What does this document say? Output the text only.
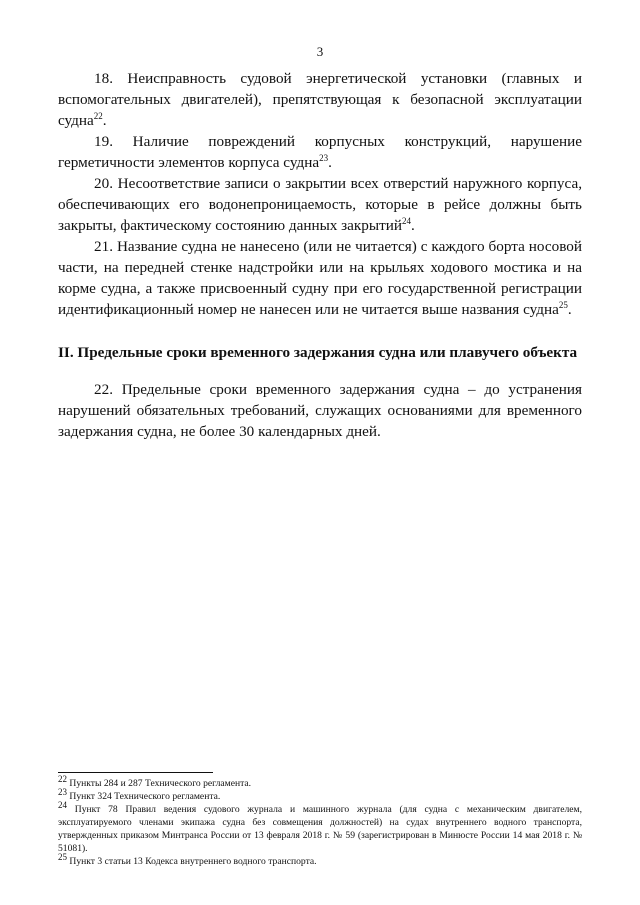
3

18. Неисправность судовой энергетической установки (главных и вспомогательных двигателей), препятствующая к безопасной эксплуатации судна$^{22}$.

19. Наличие повреждений корпусных конструкций, нарушение герметичности элементов корпуса судна$^{23}$.

20. Несоответствие записи о закрытии всех отверстий наружного корпуса, обеспечивающих его водонепроницаемость, которые в рейсе должны быть закрыты, фактическому состоянию данных закрытий$^{24}$.

21. Название судна не нанесено (или не читается) с каждого борта носовой части, на передней стенке надстройки или на крыльях ходового мостика и на корме судна, а также присвоенный судну при его государственной регистрации идентификационный номер не нанесен или не читается выше названия судна$^{25}$.

II. Предельные сроки временного задержания судна или плавучего объекта

22. Предельные сроки временного задержания судна – до устранения нарушений обязательных требований, служащих основаниями для временного задержания судна, не более 30 календарных дней.

$^{22}$ Пункты 284 и 287 Технического регламента.

$^{23}$ Пункт 324 Технического регламента.

$^{24}$ Пункт 78 Правил ведения судового журнала и машинного журнала (для судна с механическим двигателем, эксплуатируемого членами экипажа судна без совмещения должностей) на судах внутреннего водного транспорта, утвержденных приказом Минтранса России от 13 февраля 2018 г. № 59 (зарегистрирован в Минюсте России 14 мая 2018 г. № 51081).

$^{25}$ Пункт 3 статьи 13 Кодекса внутреннего водного транспорта.
